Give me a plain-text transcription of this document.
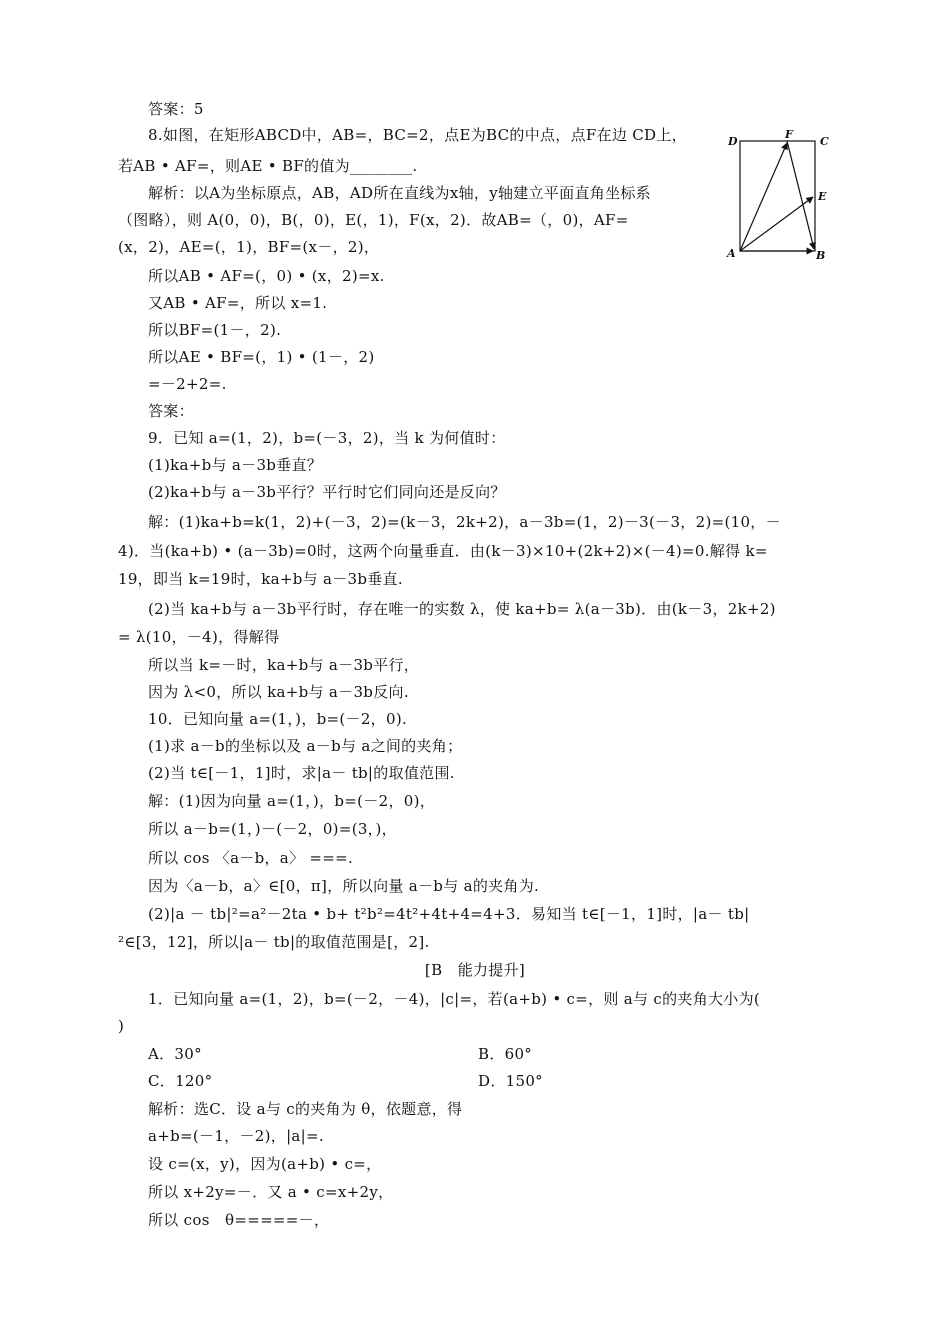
答案：5
8.如图，在矩形ABCD中，AB=，BC=2，点E为BC的中点，点F在边 CD上，
若AB • AF=，则AE • BF的值为________.
解析：以A为坐标原点，AB，AD所在直线为x轴，y轴建立平面直角坐标系
（图略），则 A(0，0)，B(，0)，E(，1)，F(x，2)．故AB=（，0)，AF=
(x，2)，AE=(，1)，BF=(x－，2)，
所以AB • AF=(，0) • (x，2)=x.
又AB • AF=，所以 x=1.
所以BF=(1－，2).
所以AE • BF=(，1) • (1－，2)
=－2+2=.
答案：
9．已知 a=(1，2)，b=(－3，2)，当 k 为何值时：
(1)ka+b与 a－3b垂直？
(2)ka+b与 a－3b平行？平行时它们同向还是反向？
解：(1)ka+b=k(1，2)+(－3，2)=(k－3，2k+2)，a－3b=(1，2)－3(－3，2)=(10，－
4)．当(ka+b) • (a－3b)=0时，这两个向量垂直．由(k－3)×10+(2k+2)×(－4)=0.解得 k=
19，即当 k=19时，ka+b与 a－3b垂直.
(2)当 ka+b与 a－3b平行时，存在唯一的实数 λ，使 ka+b= λ(a－3b)．由(k－3，2k+2)
= λ(10，－4)，得解得
所以当 k=－时，ka+b与 a－3b平行，
因为 λ<0，所以 ka+b与 a－3b反向.
10．已知向量 a=(1，)，b=(－2，0).
(1)求 a－b的坐标以及 a－b与 a之间的夹角；
(2)当 t∈[－1，1]时，求|a－ tb|的取值范围.
解：(1)因为向量 a=(1，)，b=(－2，0)，
所以 a－b=(1，)－(－2，0)=(3，)，
所以 cos 〈a－b，a〉 ===.
因为〈a－b，a〉∈[0，π]，所以向量 a－b与 a的夹角为.
(2)|a － tb|²=a²－2ta • b+ t²b²=4t²+4t+4=4+3．易知当 t∈[－1，1]时，|a－ tb|
²∈[3，12]，所以|a－ tb|的取值范围是[，2].
[B　能力提升]
1．已知向量 a=(1，2)，b=(－2，－4)，|c|=，若(a+b) • c=，则 a与 c的夹角大小为(
)
A．30°	B．60°
C．120°	D．150°
解析：选C．设 a与 c的夹角为 θ，依题意，得
a+b=(－1，－2)，|a|=.
设 c=(x，y)，因为(a+b) • c=，
所以 x+2y=－．又 a • c=x+2y，
所以 cos　θ=====－，
D
F
C
E
A	B
